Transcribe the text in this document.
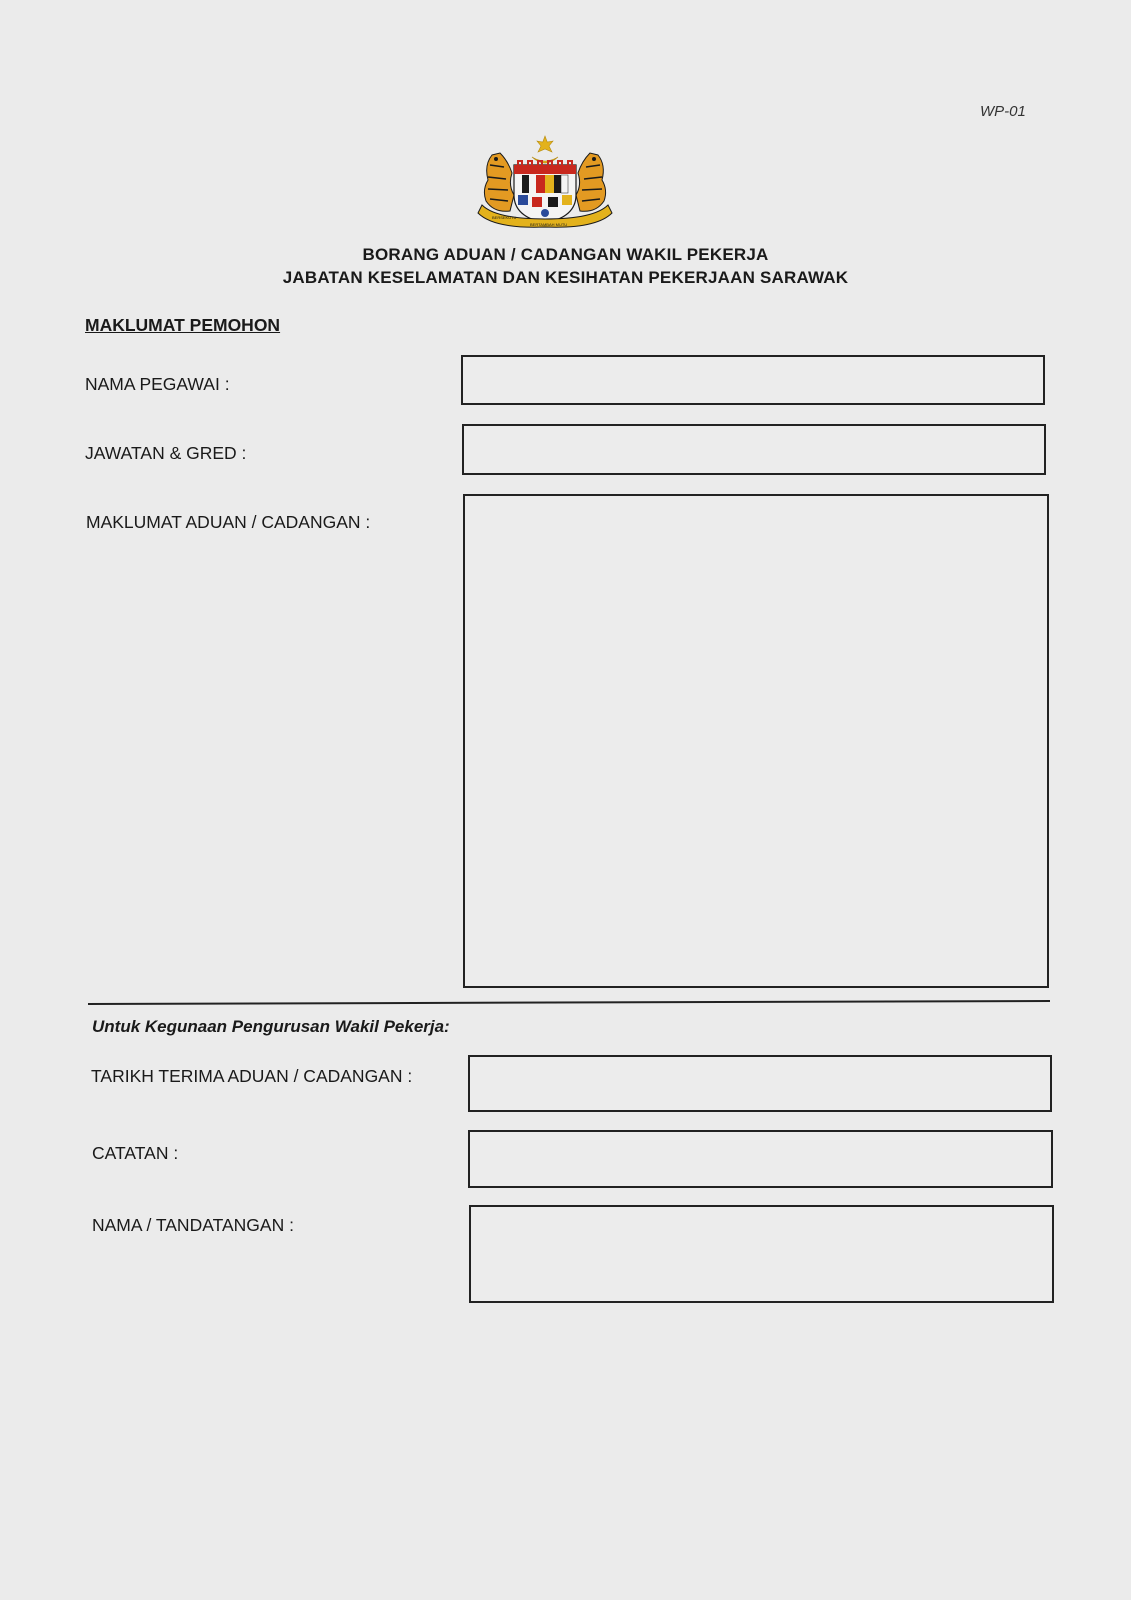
WP-01
BERSEKUTU
BERTAMBAH MUTU
BORANG ADUAN / CADANGAN WAKIL PEKERJA
JABATAN KESELAMATAN DAN KESIHATAN PEKERJAAN SARAWAK
MAKLUMAT PEMOHON
NAMA PEGAWAI :
JAWATAN & GRED :
MAKLUMAT ADUAN / CADANGAN :
Untuk Kegunaan Pengurusan Wakil Pekerja:
TARIKH TERIMA ADUAN / CADANGAN :
CATATAN :
NAMA / TANDATANGAN :
